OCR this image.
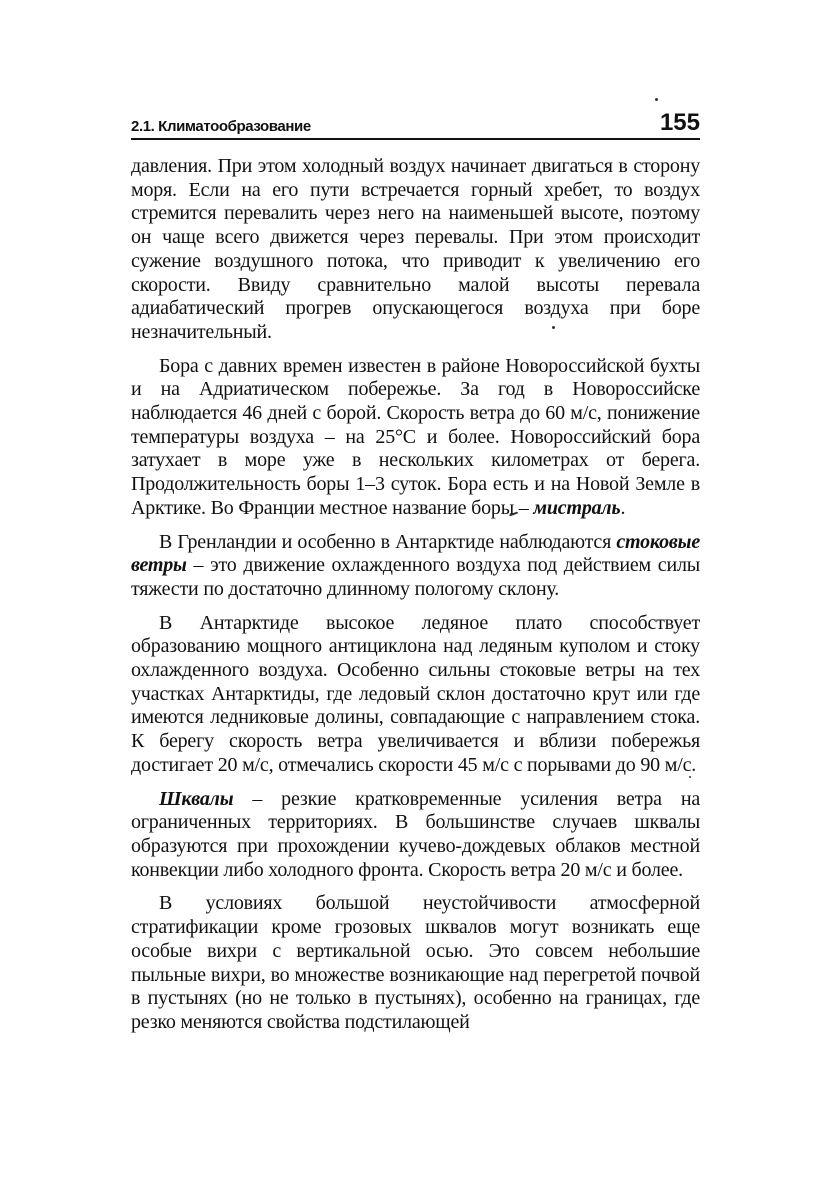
2.1. Климатообразование	155

давления. При этом холодный воздух начинает двигаться в сторону моря. Если на его пути встречается горный хребет, то воздух стремится перевалить через него на наименьшей высоте, поэтому он чаще всего движется через перевалы. При этом происходит сужение воздушного потока, что приводит к увеличению его скорости. Ввиду сравнительно малой высоты перевала адиабатический прогрев опускающегося воздуха при боре незначительный.

Бора с давних времен известен в районе Новороссийской бухты и на Адриатическом побережье. За год в Новороссийске наблюдается 46 дней с борой. Скорость ветра до 60 м/с, понижение температуры воздуха – на 25°С и более. Новороссийский бора затухает в море уже в нескольких километрах от берега. Продолжительность боры 1–3 суток. Бора есть и на Новой Земле в Арктике. Во Франции местное название боры – мистраль.

В Гренландии и особенно в Антарктиде наблюдаются стоковые ветры – это движение охлажденного воздуха под действием силы тяжести по достаточно длинному пологому склону.

В Антарктиде высокое ледяное плато способствует образованию мощного антициклона над ледяным куполом и стоку охлажденного воздуха. Особенно сильны стоковые ветры на тех участках Антарктиды, где ледовый склон достаточно крут или где имеются ледниковые долины, совпадающие с направлением стока. К берегу скорость ветра увеличивается и вблизи побережья достигает 20 м/с, отмечались скорости 45 м/с с порывами до 90 м/с.

Шквалы – резкие кратковременные усиления ветра на ограниченных территориях. В большинстве случаев шквалы образуются при прохождении кучево-дождевых облаков местной конвекции либо холодного фронта. Скорость ветра 20 м/с и более.

В условиях большой неустойчивости атмосферной стратификации кроме грозовых шквалов могут возникать еще особые вихри с вертикальной осью. Это совсем небольшие пыльные вихри, во множестве возникающие над перегретой почвой в пустынях (но не только в пустынях), особенно на границах, где резко меняются свойства подстилающей
